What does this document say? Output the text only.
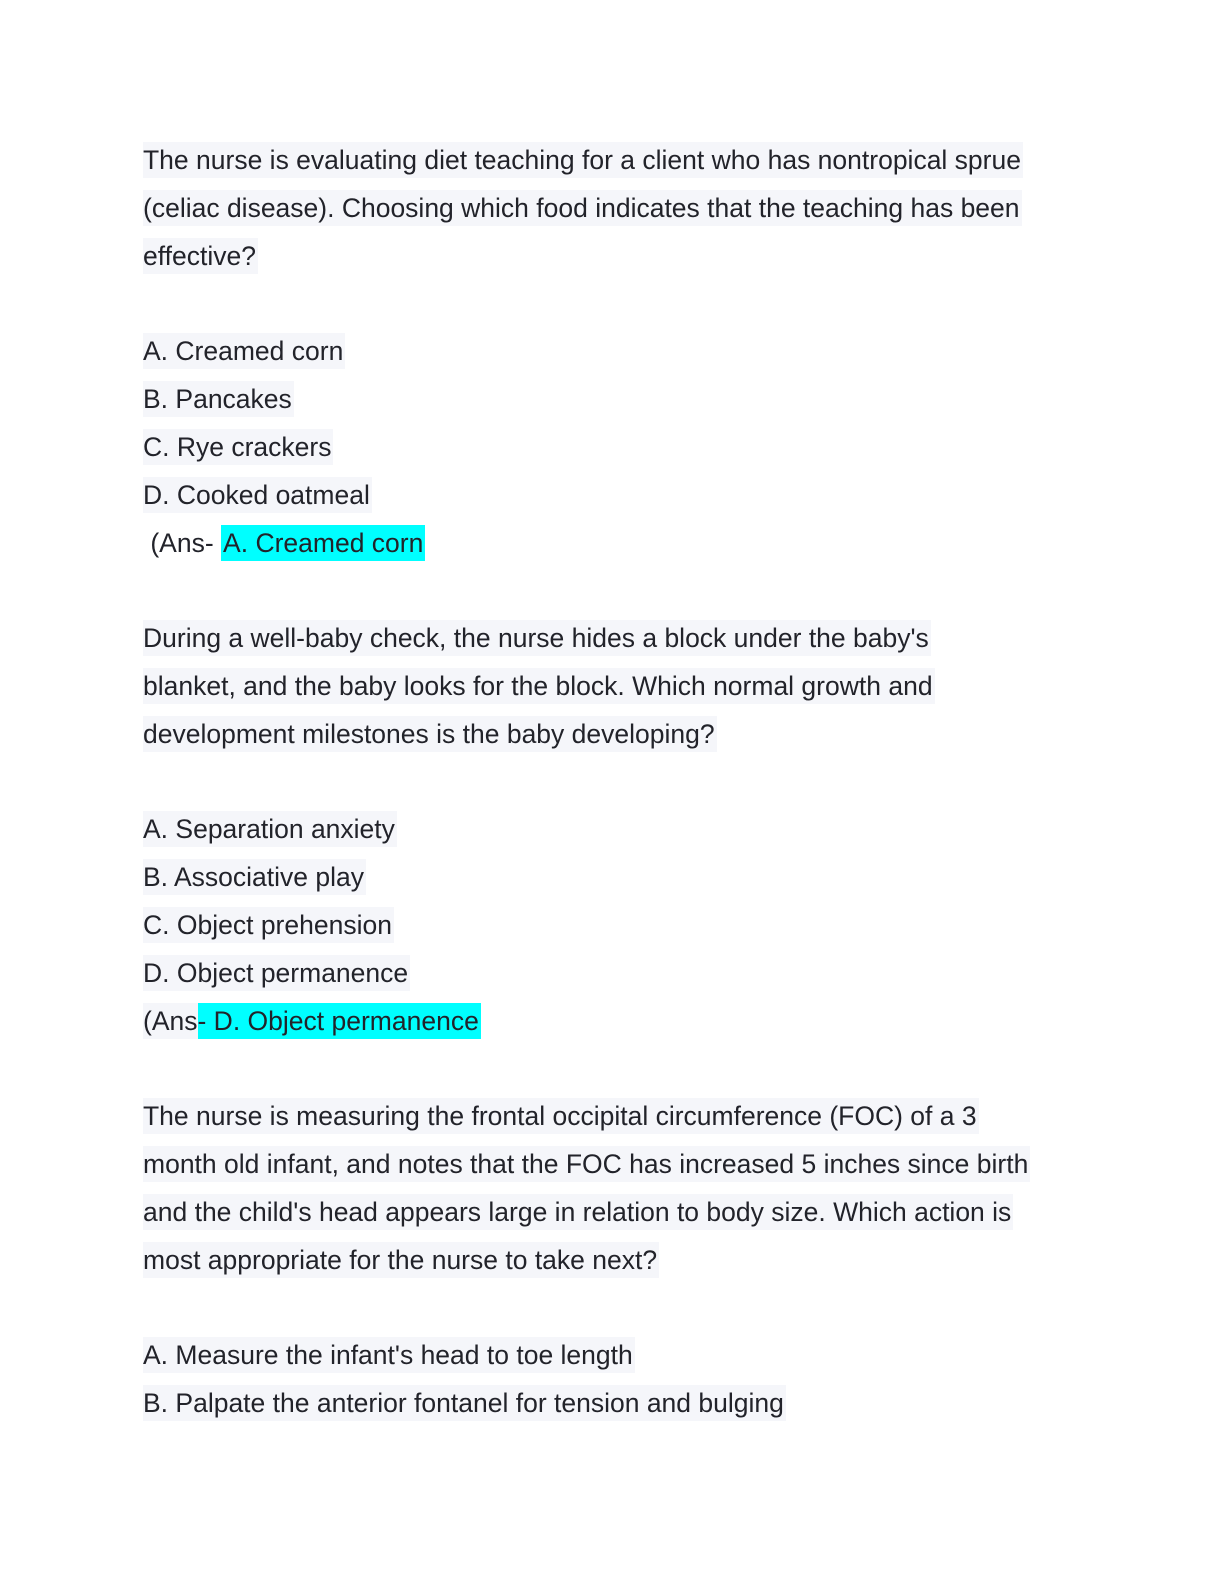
The nurse is evaluating diet teaching for a client who has nontropical sprue
(celiac disease). Choosing which food indicates that the teaching has been
effective?
A. Creamed corn
B. Pancakes
C. Rye crackers
D. Cooked oatmeal
(Ans- A. Creamed corn
During a well-baby check, the nurse hides a block under the baby's
blanket, and the baby looks for the block. Which normal growth and
development milestones is the baby developing?
A. Separation anxiety
B. Associative play
C. Object prehension
D. Object permanence
(Ans- D. Object permanence
The nurse is measuring the frontal occipital circumference (FOC) of a 3
month old infant, and notes that the FOC has increased 5 inches since birth
and the child's head appears large in relation to body size. Which action is
most appropriate for the nurse to take next?
A. Measure the infant's head to toe length
B. Palpate the anterior fontanel for tension and bulging
